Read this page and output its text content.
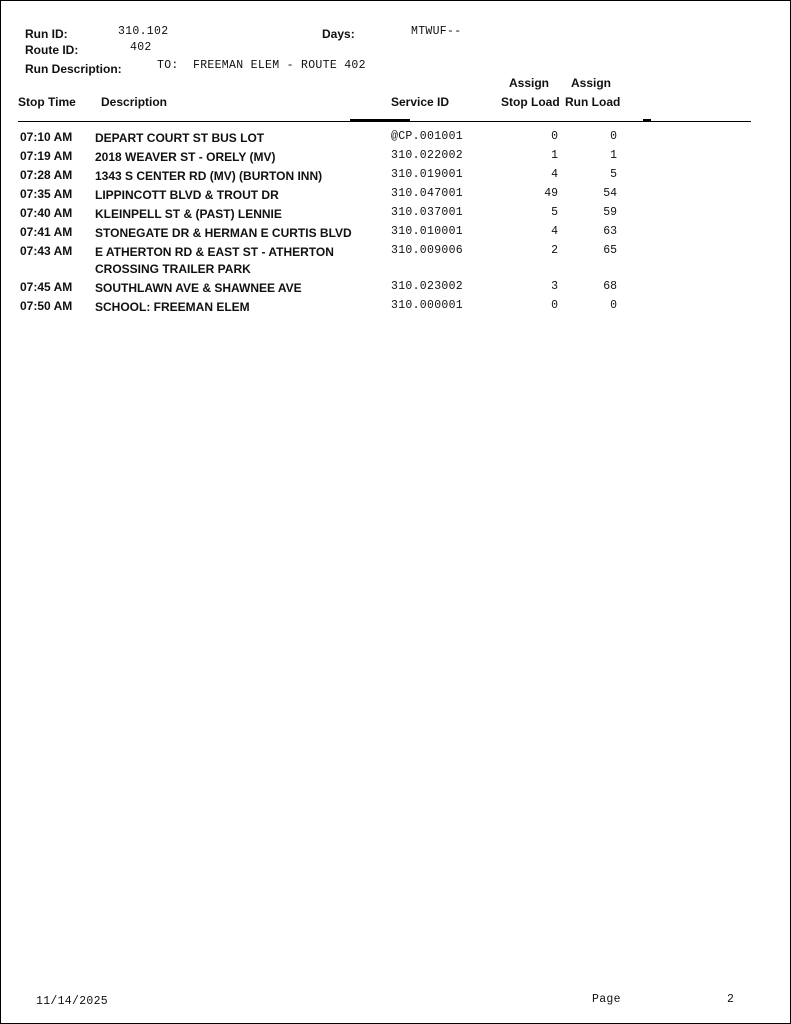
Run ID:	310.102	Days:	MTWUF--
Route ID:	402
Run Description:	TO:  FREEMAN ELEM - ROUTE 402
Assign Assign
Stop Time Description	Service ID	Stop Load Run Load
07:10 AM DEPART COURT ST BUS LOT	@CP.001001	0	0
07:19 AM 2018 WEAVER ST - ORELY (MV)	310.022002	1	1
07:28 AM 1343 S CENTER RD (MV) (BURTON INN)	310.019001	4	5
07:35 AM LIPPINCOTT BLVD & TROUT DR	310.047001	49	54
07:40 AM KLEINPELL ST & (PAST) LENNIE	310.037001	5	59
07:41 AM STONEGATE DR & HERMAN E CURTIS BLVD	310.010001	4	63
07:43 AM E ATHERTON RD & EAST ST - ATHERTON CROSSING TRAILER PARK
310.009006	2	65
07:45 AM SOUTHLAWN AVE & SHAWNEE AVE	310.023002	3	68
07:50 AM SCHOOL: FREEMAN ELEM	310.000001	0	0
11/14/2025	Page	2
